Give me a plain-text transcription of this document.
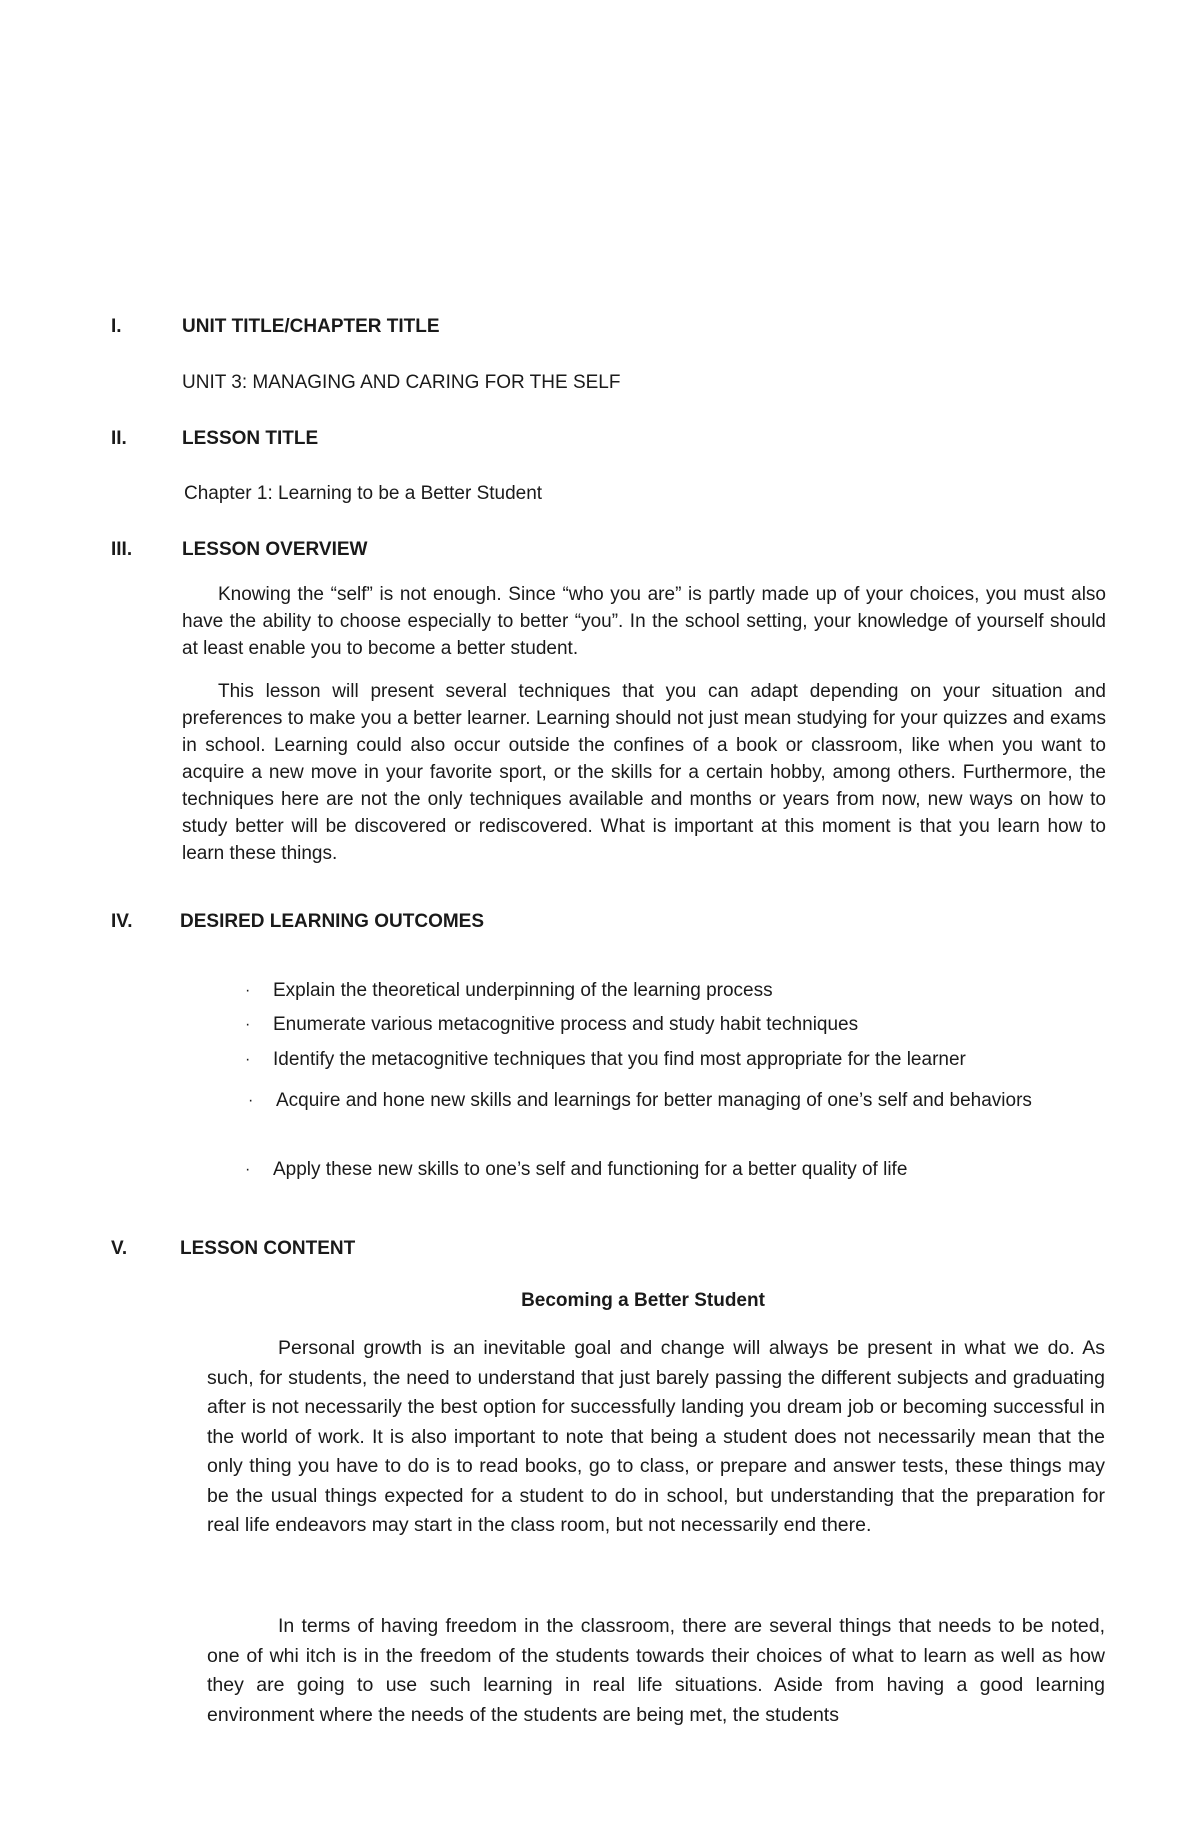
I.	UNIT TITLE/CHAPTER TITLE
UNIT 3: MANAGING AND CARING FOR THE SELF
II.	LESSON TITLE
Chapter 1: Learning to be a Better Student
III.	LESSON OVERVIEW
Knowing the “self” is not enough. Since “who you are” is partly made up of your choices, you must also have the ability to choose especially to better “you”. In the school setting, your knowledge of yourself should at least enable you to become a better student.
This lesson will present several techniques that you can adapt depending on your situation and preferences to make you a better learner. Learning should not just mean studying for your quizzes and exams in school. Learning could also occur outside the confines of a book or classroom, like when you want to acquire a new move in your favorite sport, or the skills for a certain hobby, among others. Furthermore, the techniques here are not the only techniques available and months or years from now, new ways on how to study better will be discovered or rediscovered. What is important at this moment is that you learn how to learn these things.
IV.	DESIRED LEARNING OUTCOMES
· Explain the theoretical underpinning of the learning process
· Enumerate various metacognitive process and study habit techniques
· Identify the metacognitive techniques that you find most appropriate for the learner
· Acquire and hone new skills and learnings for better managing of one’s self and behaviors
· Apply these new skills to one’s self and functioning for a better quality of life
V.	LESSON CONTENT
Becoming a Better Student
Personal growth is an inevitable goal and change will always be present in what we do. As such, for students, the need to understand that just barely passing the different subjects and graduating after is not necessarily the best option for successfully landing you dream job or becoming successful in the world of work. It is also important to note that being a student does not necessarily mean that the only thing you have to do is to read books, go to class, or prepare and answer tests, these things may be the usual things expected for a student to do in school, but understanding that the preparation for real life endeavors may start in the class room, but not necessarily end there.
In terms of having freedom in the classroom, there are several things that needs to be noted, one of whi itch is in the freedom of the students towards their choices of what to learn as well as how they are going to use such learning in real life situations. Aside from having a good learning environment where the needs of the students are being met, the students
